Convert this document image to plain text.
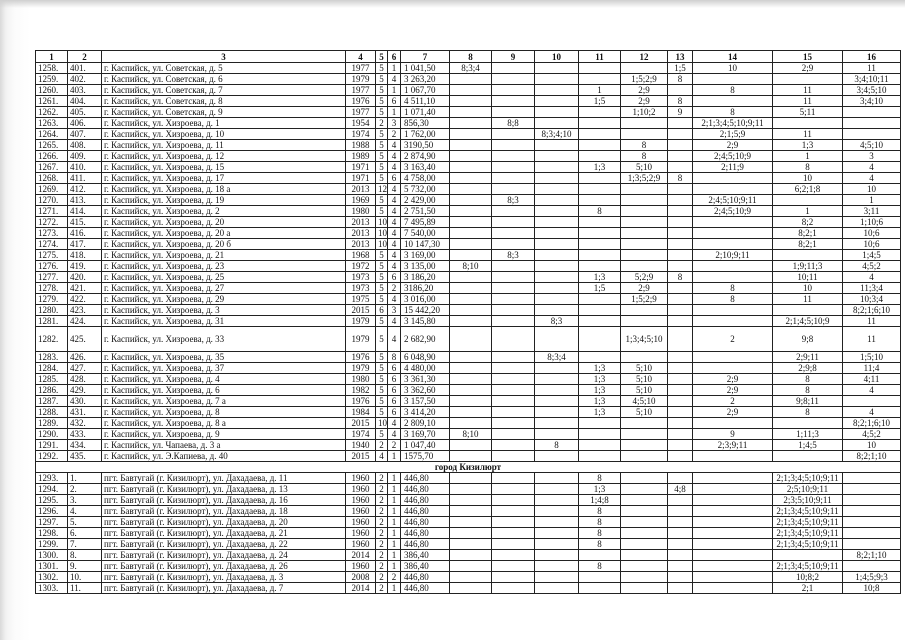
1	2	3	4	5	6	7	8	9	10	11	12	13	14	15	16
1258.	401.	г. Каспийск, ул. Советская, д. 5	1977	5	1	1 041,50	8;3;4					1;5	10	2;9	11
1259.	402.	г. Каспийск, ул. Советская, д. 6	1979	5	4	3 263,20					1;5;2;9	8			3;4;10;11
1260.	403.	г. Каспийск, ул. Советская, д. 7	1977	5	1	1 067,70				1	2;9		8	11	3;4;5;10
1261.	404.	г. Каспийск, ул. Советская, д. 8	1976	5	6	4 511,10				1;5	2;9	8		11	3;4;10
1262.	405.	г. Каспийск, ул. Советская, д. 9	1977	5	1	1 071,40					1;10;2	9	8	5;11	
1263.	406.	г. Каспийск, ул. Хизроева, д. 1	1954	2	3	856,30		8;8					2;1;3;4;5;10;9;11		
1264.	407.	г. Каспийск, ул. Хизроева, д. 10	1974	5	2	1 762,00			8;3;4;10				2;1;5;9	11	
1265.	408.	г. Каспийск, ул. Хизроева, д. 11	1988	5	4	3190,50					8		2;9	1;3	4;5;10
1266.	409.	г. Каспийск, ул. Хизроева, д. 12	1989	5	4	2 874,90					8		2;4;5;10;9	1	3
1267.	410.	г. Каспийск, ул. Хизроева, д. 15	1971	5	4	3 163,40				1;3	5;10		2;11;9	8	4
1268.	411.	г. Каспийск, ул. Хизроева, д. 17	1971	5	6	4 758,00					1;3;5;2;9	8		10	4
1269.	412.	г. Каспийск, ул. Хизроева, д. 18 а	2013	12	4	5 732,00								6;2;1;8	10
1270.	413.	г. Каспийск, ул. Хизроева, д. 19	1969	5	4	2 429,00		8;3					2;4;5;10;9;11		1
1271.	414.	г. Каспийск, ул. Хизроева, д. 2	1980	5	4	2 751,50				8			2;4;5;10;9	1	3;11
1272.	415.	г. Каспийск, ул. Хизроева, д. 20	2013	10	4	7 495,89								8;2	1;10;6
1273.	416.	г. Каспийск, ул. Хизроева, д. 20 а	2013	10	4	7 540,00								8;2;1	10;6
1274.	417.	г. Каспийск, ул. Хизроева, д. 20 б	2013	10	4	10 147,30								8;2;1	10;6
1275.	418.	г. Каспийск, ул. Хизроева, д. 21	1968	5	4	3 169,00		8;3					2;10;9;11		1;4;5
1276.	419.	г. Каспийск, ул. Хизроева, д. 23	1972	5	4	3 135,00	8;10							1;9;11;3	4;5;2
1277.	420.	г. Каспийск, ул. Хизроева, д. 25	1973	5	6	3 186,20				1;3	5;2;9	8		10;11	4
1278.	421.	г. Каспийск, ул. Хизроева, д. 27	1973	5	2	3186,20				1;5	2;9		8	10	11;3;4
1279.	422.	г. Каспийск, ул. Хизроева, д. 29	1975	5	4	3 016,00					1;5;2;9		8	11	10;3;4
1280.	423.	г. Каспийск, ул. Хизроева, д. 3	2015	6	3	15 442,20									8;2;1;6;10
1281.	424.	г. Каспийск, ул. Хизроева, д. 31	1979	5	4	3 145,80			8;3					2;1;4;5;10;9	11
1282.	425.	г. Каспийск, ул. Хизроева, д. 33	1979	5	4	2 682,90					1;3;4;5;10		2	9;8	11
1283.	426.	г. Каспийск, ул. Хизроева, д. 35	1976	5	8	6 048,90			8;3;4					2;9;11	1;5;10
1284.	427.	г. Каспийск, ул. Хизроева, д. 37	1979	5	6	4 480,00				1;3	5;10			2;9;8	11;4
1285.	428.	г. Каспийск, ул. Хизроева, д. 4	1980	5	6	3 361,30				1;3	5;10		2;9	8	4;11
1286.	429.	г. Каспийск, ул. Хизроева, д. 6	1982	5	6	3 362,60				1;3	5;10		2;9	8	4
1287.	430.	г. Каспийск, ул. Хизроева, д. 7 а	1976	5	6	3 157,50				1;3	4;5;10		2	9;8;11	
1288.	431.	г. Каспийск, ул. Хизроева, д. 8	1984	5	6	3 414,20				1;3	5;10		2;9	8	4
1289.	432.	г. Каспийск, ул. Хизроева, д. 8 а	2015	10	4	2 809,10									8;2;1;6;10
1290.	433.	г. Каспийск, ул. Хизроева, д. 9	1974	5	4	3 169,70	8;10						9	1;11;3	4;5;2
1291.	434.	г. Каспийск, ул. Чапаева, д. 3 а	1940	2	2	1 047,40			8				2;3;9;11	1;4;5	10
1292.	435.	г. Каспийск, ул. Э.Капиева, д. 40	2015	4	1	1575,70									8;2;1;10
город Кизилюрт															
1293.	1.	пгт. Бавтугай (г. Кизилюрт), ул. Дахадаева, д. 11	1960	2	1	446,80				8				2;1;3;4;5;10;9;11	
1294.	2.	пгт. Бавтугай (г. Кизилюрт), ул. Дахадаева, д. 13	1960	2	1	446,80				1;3		4;8		2;5;10;9;11	
1295.	3.	пгт. Бавтугай (г. Кизилюрт), ул. Дахадаева, д. 16	1960	2	1	446,80				1;4;8				2;3;5;10;9;11	
1296.	4.	пгт. Бавтугай (г. Кизилюрт), ул. Дахадаева, д. 18	1960	2	1	446,80				8				2;1;3;4;5;10;9;11	
1297.	5.	пгт. Бавтугай (г. Кизилюрт), ул. Дахадаева, д. 20	1960	2	1	446,80				8				2;1;3;4;5;10;9;11	
1298.	6.	пгт. Бавтугай (г. Кизилюрт), ул. Дахадаева, д. 21	1960	2	1	446,80				8				2;1;3;4;5;10;9;11	
1299.	7.	пгт. Бавтугай (г. Кизилюрт), ул. Дахадаева, д. 22	1960	2	1	446,80				8				2;1;3;4;5;10;9;11	
1300.	8.	пгт. Бавтугай (г. Кизилюрт), ул. Дахадаева, д. 24	2014	2	1	386,40									8;2;1;10
1301.	9.	пгт. Бавтугай (г. Кизилюрт), ул. Дахадаева, д. 26	1960	2	1	386,40				8				2;1;3;4;5;10;9;11	
1302.	10.	пгт. Бавтугай (г. Кизилюрт), ул. Дахадаева, д. 3	2008	2	2	446,80								10;8;2	1;4;5;9;3
1303.	11.	пгт. Бавтугай (г. Кизилюрт), ул. Дахадаева, д. 7	2014	2	1	446,80								2;1	10;8
